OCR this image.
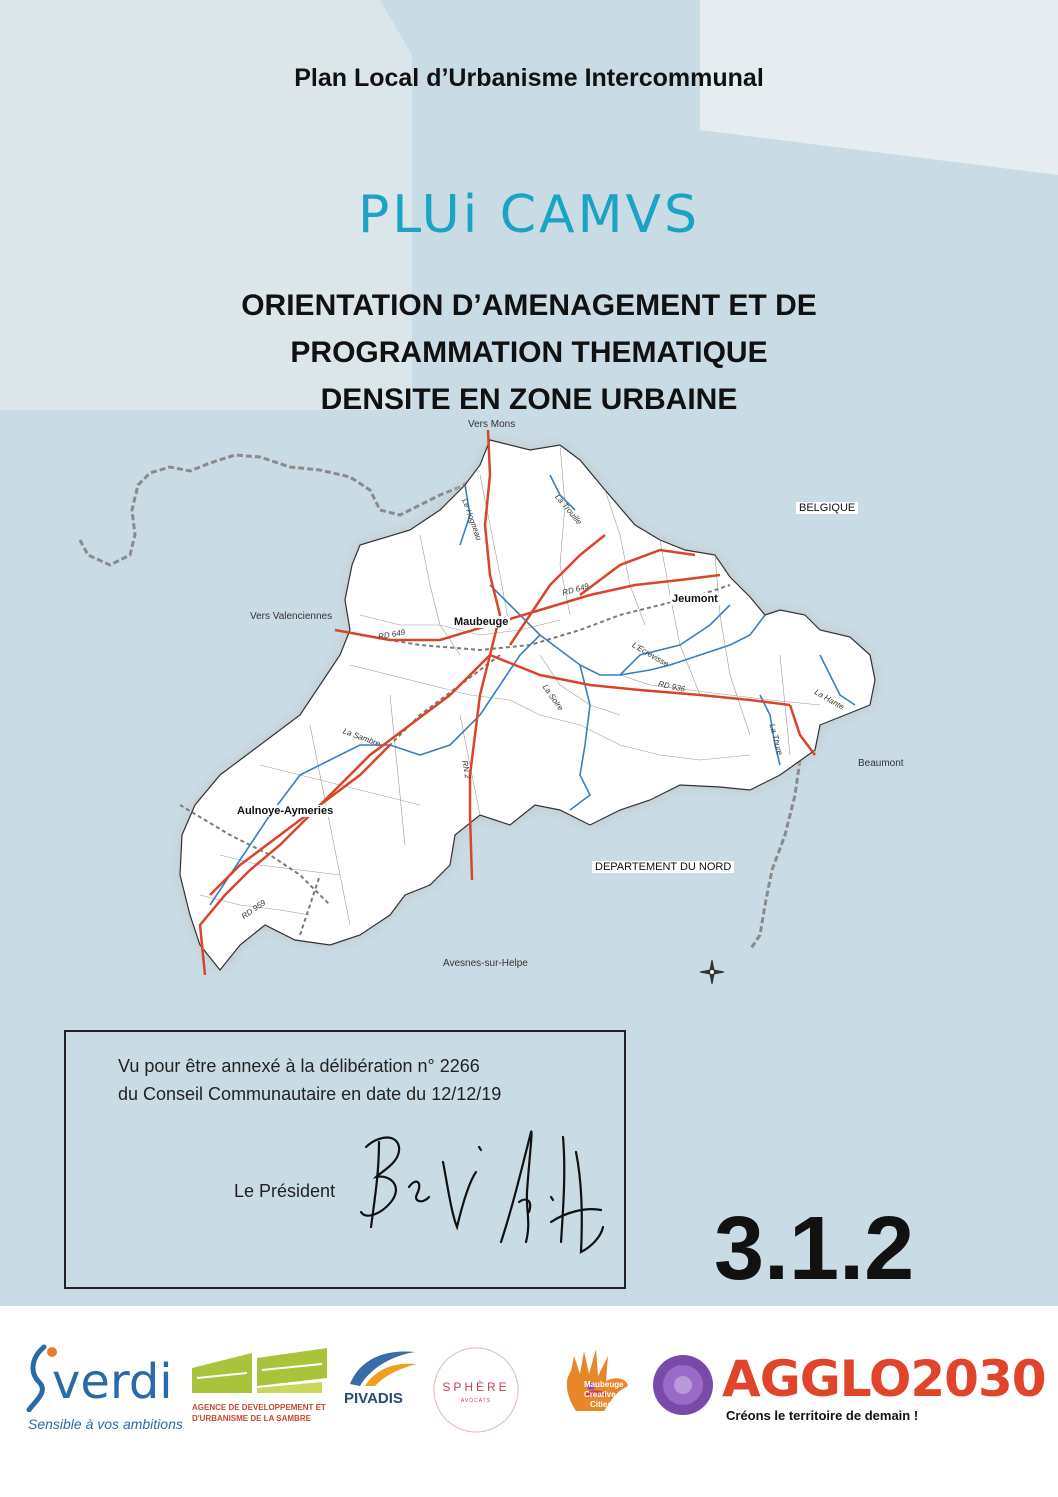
Plan Local d’Urbanisme Intercommunal
PLUi CAMVS
ORIENTATION D’AMENAGEMENT ET DE
PROGRAMMATION THEMATIQUE
DENSITE EN ZONE URBAINE
Vers Mons
Vers Valenciennes
Beaumont
Avesnes-sur-Helpe
BELGIQUE
DEPARTEMENT DU NORD
Maubeuge
Jeumont
Aulnoye-Aymeries
RD 649
RD 649
RD 936
RN 2
RD 959
La Sambre
La Solre
La Thure
La Hante
La Trouille
Le Hogneau
L'Ecrevisse
Vu pour être annexé à la délibération n° 2266
du Conseil Communautaire en date du 12/12/19
Le Président
3.1.2
verdi
Sensible à vos ambitions
AGENCE DE DEVELOPPEMENT ET
D'URBANISME DE LA SAMBRE
PIVADIS
SPHÈRE
AVOCATS
Maubeuge
Creative
Cities AGGLO2030
Créons le territoire de demain !
